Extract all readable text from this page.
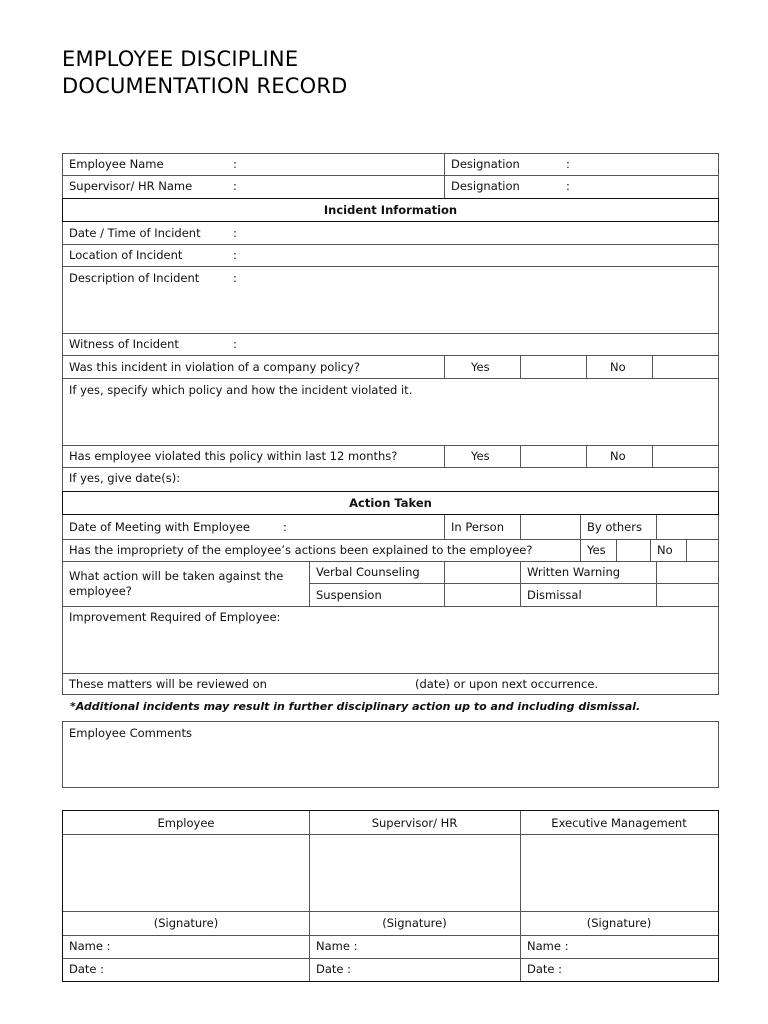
EMPLOYEE DISCIPLINE
DOCUMENTATION RECORD
Incident Information
Action Taken
Employee Name	:	Designation	:
Supervisor/ HR Name	:	Designation	:
Date / Time of Incident	:
Location of Incident	:
Description of Incident	:
Witness of Incident	:
Was this incident in violation of a company policy?	Yes	No
If yes, specify which policy and how the incident violated it.
Has employee violated this policy within last 12 months?	Yes	No
If yes, give date(s):
Date of Meeting with Employee	:	In Person	By others
Has the impropriety of the employee’s actions been explained to the employee?	Yes	No
What action will be taken against the
employee?
Verbal Counseling	Written Warning
Suspension	Dismissal
Improvement Required of Employee:
These matters will be reviewed on	(date) or upon next occurrence.
*Additional incidents may result in further disciplinary action up to and including dismissal.
Employee Comments
Employee	Supervisor/ HR	Executive Management
(Signature)	(Signature)	(Signature)
Name :	Name :	Name :
Date :	Date :	Date :
